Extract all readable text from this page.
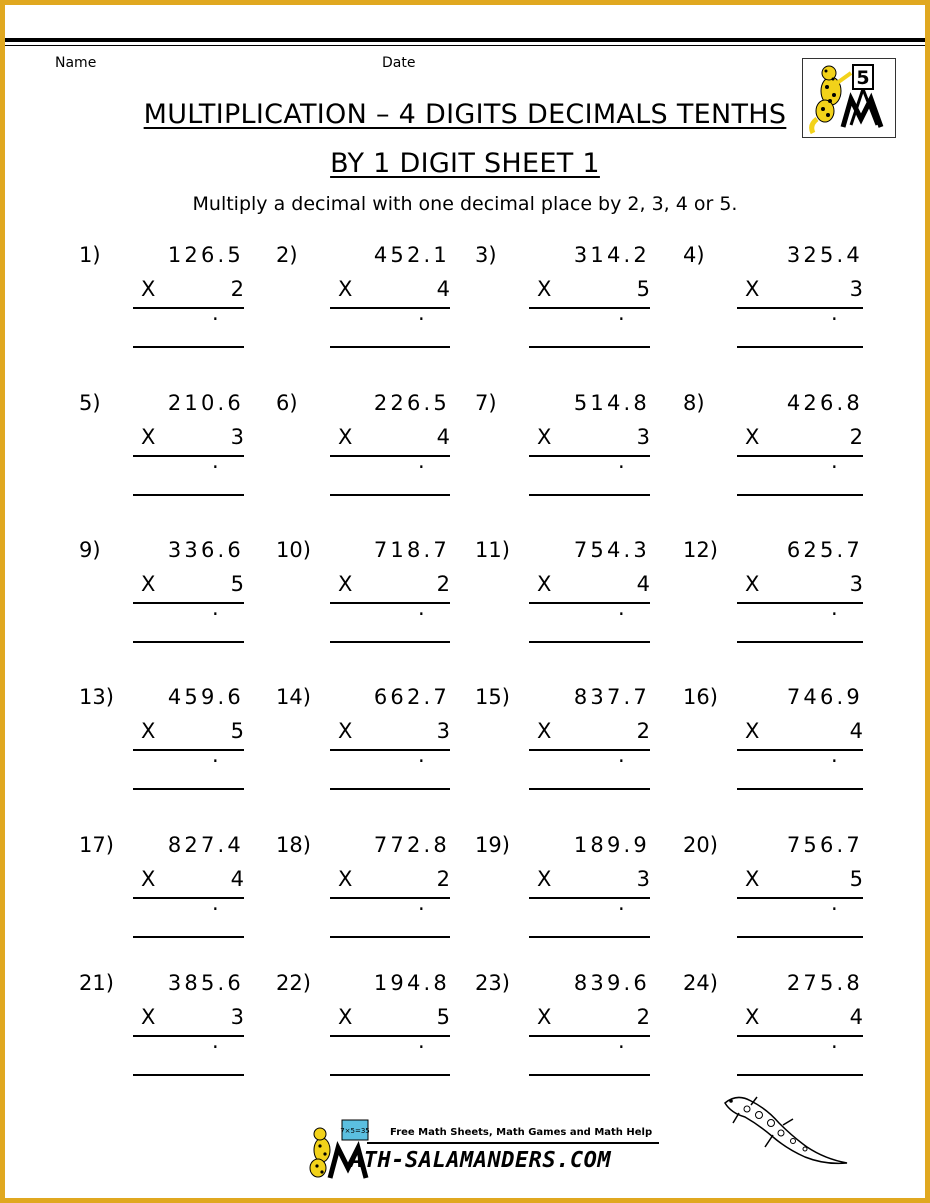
Name	Date
5
MULTIPLICATION – 4 DIGITS DECIMALS TENTHS
BY 1 DIGIT SHEET 1
Multiply a decimal with one decimal place by 2, 3, 4 or 5.
1)	126.5
X	2
.
2)	452.1
X	4
.
3)	314.2
X	5
.
4)	325.4
X	3
.
5)	210.6
X	3
.
6)	226.5
X	4
.
7)	514.8
X	3
.
8)	426.8
X	2
.
9)	336.6
X	5
.
10)	718.7
X	2
.
11)	754.3
X	4
.
12)	625.7
X	3
.
13)	459.6
X	5
.
14)	662.7
X	3
.
15)	837.7
X	2
.
16)	746.9
X	4
.
17)	827.4
X	4
.
18)	772.8
X	2
.
19)	189.9
X	3
.
20)	756.7
X	5
.
21)	385.6
X	3
.
22)	194.8
X	5
.
23)	839.6
X	2
.
24)	275.8
X	4
.
7×5=35 Free Math Sheets, Math Games and Math Help
ATH-SALAMANDERS.COM
